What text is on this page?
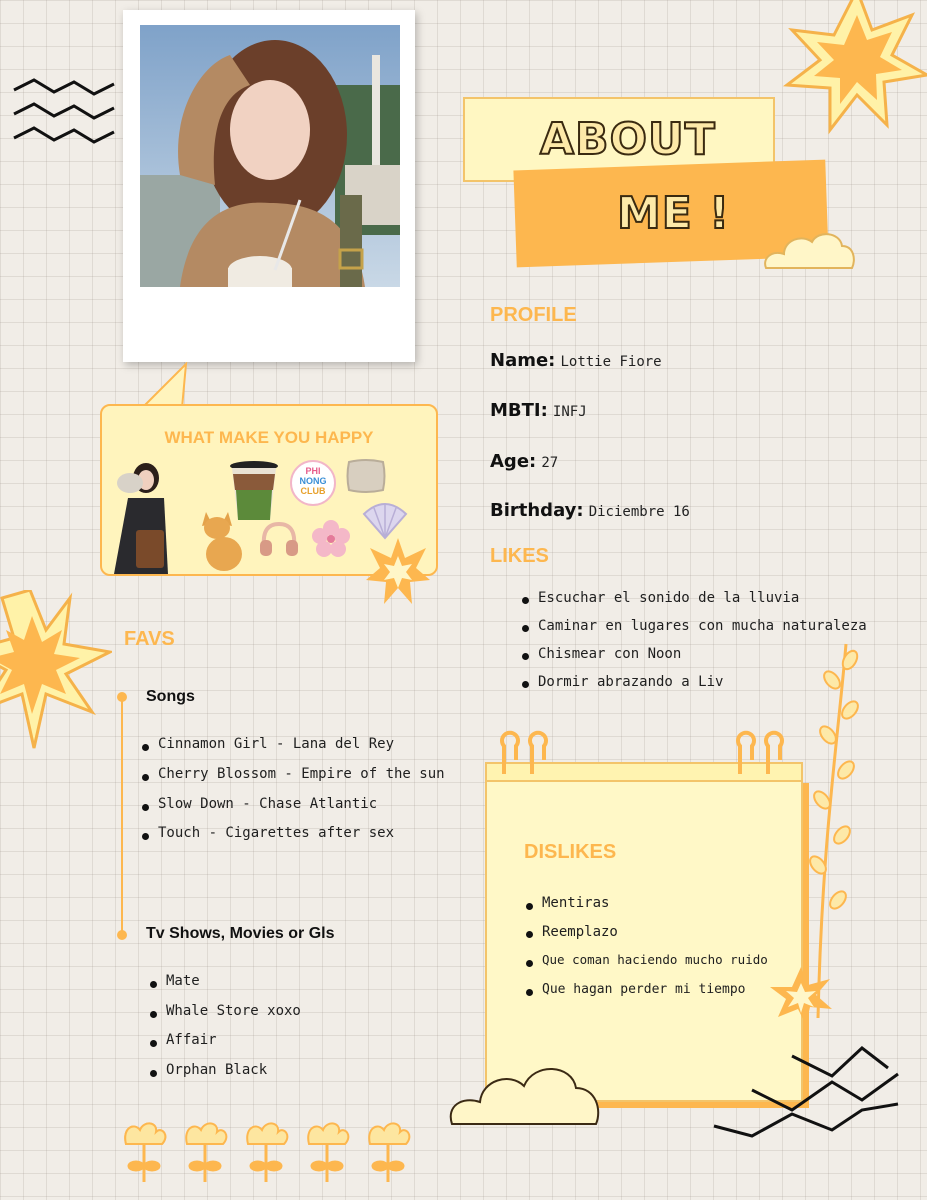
ABOUT
ME !
PROFILE
Name: Lottie Fiore
MBTI: INFJ
Age: 27
Birthday: Diciembre 16
LIKES
Escuchar el sonido de la lluvia
Caminar en lugares con mucha naturaleza
Chismear con Noon
Dormir abrazando a Liv
WHAT MAKE YOU HAPPY
PHI
NONG
CLUB
FAVS
Songs
Cinnamon Girl - Lana del Rey
Cherry Blossom - Empire of the sun
Slow Down - Chase Atlantic
Touch - Cigarettes after sex
Tv Shows, Movies or Gls
Mate
Whale Store xoxo
Affair
Orphan Black
DISLIKES
Mentiras
Reemplazo
Que coman haciendo mucho ruido
Que hagan perder mi tiempo
